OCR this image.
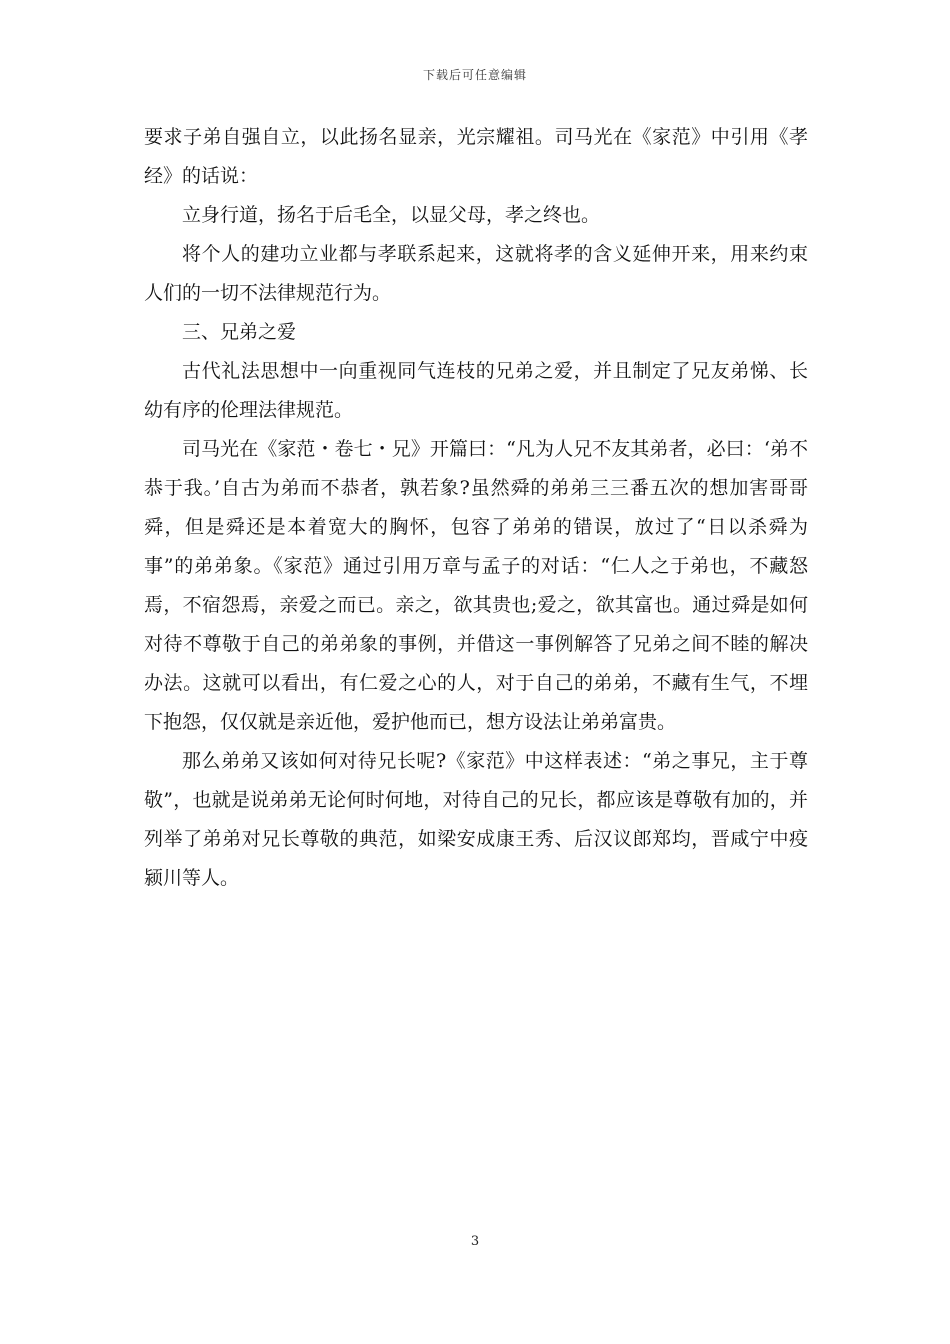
下载后可任意编辑

要求子弟自强自立，以此扬名显亲，光宗耀祖。司马光在《家范》中引用《孝经》的话说：

立身行道，扬名于后毛全，以显父母，孝之终也。

将个人的建功立业都与孝联系起来，这就将孝的含义延伸开来，用来约束人们的一切不法律规范行为。

三、兄弟之爱

古代礼法思想中一向重视同气连枝的兄弟之爱，并且制定了兄友弟悌、长幼有序的伦理法律规范。

司马光在《家范・卷七・兄》开篇曰：“凡为人兄不友其弟者，必曰：‘弟不恭于我。’自古为弟而不恭者，孰若象?虽然舜的弟弟三三番五次的想加害哥哥舜，但是舜还是本着宽大的胸怀，包容了弟弟的错误，放过了“日以杀舜为事”的弟弟象。《家范》通过引用万章与孟子的对话：“仁人之于弟也，不藏怒焉，不宿怨焉，亲爱之而已。亲之，欲其贵也;爱之，欲其富也。通过舜是如何对待不尊敬于自己的弟弟象的事例，并借这一事例解答了兄弟之间不睦的解决办法。这就可以看出，有仁爱之心的人，对于自己的弟弟，不藏有生气，不埋下抱怨，仅仅就是亲近他，爱护他而已，想方设法让弟弟富贵。

那么弟弟又该如何对待兄长呢?《家范》中这样表述：“弟之事兄，主于尊敬”，也就是说弟弟无论何时何地，对待自己的兄长，都应该是尊敬有加的，并列举了弟弟对兄长尊敬的典范，如梁安成康王秀、后汉议郎郑均，晋咸宁中疫颍川等人。

3
